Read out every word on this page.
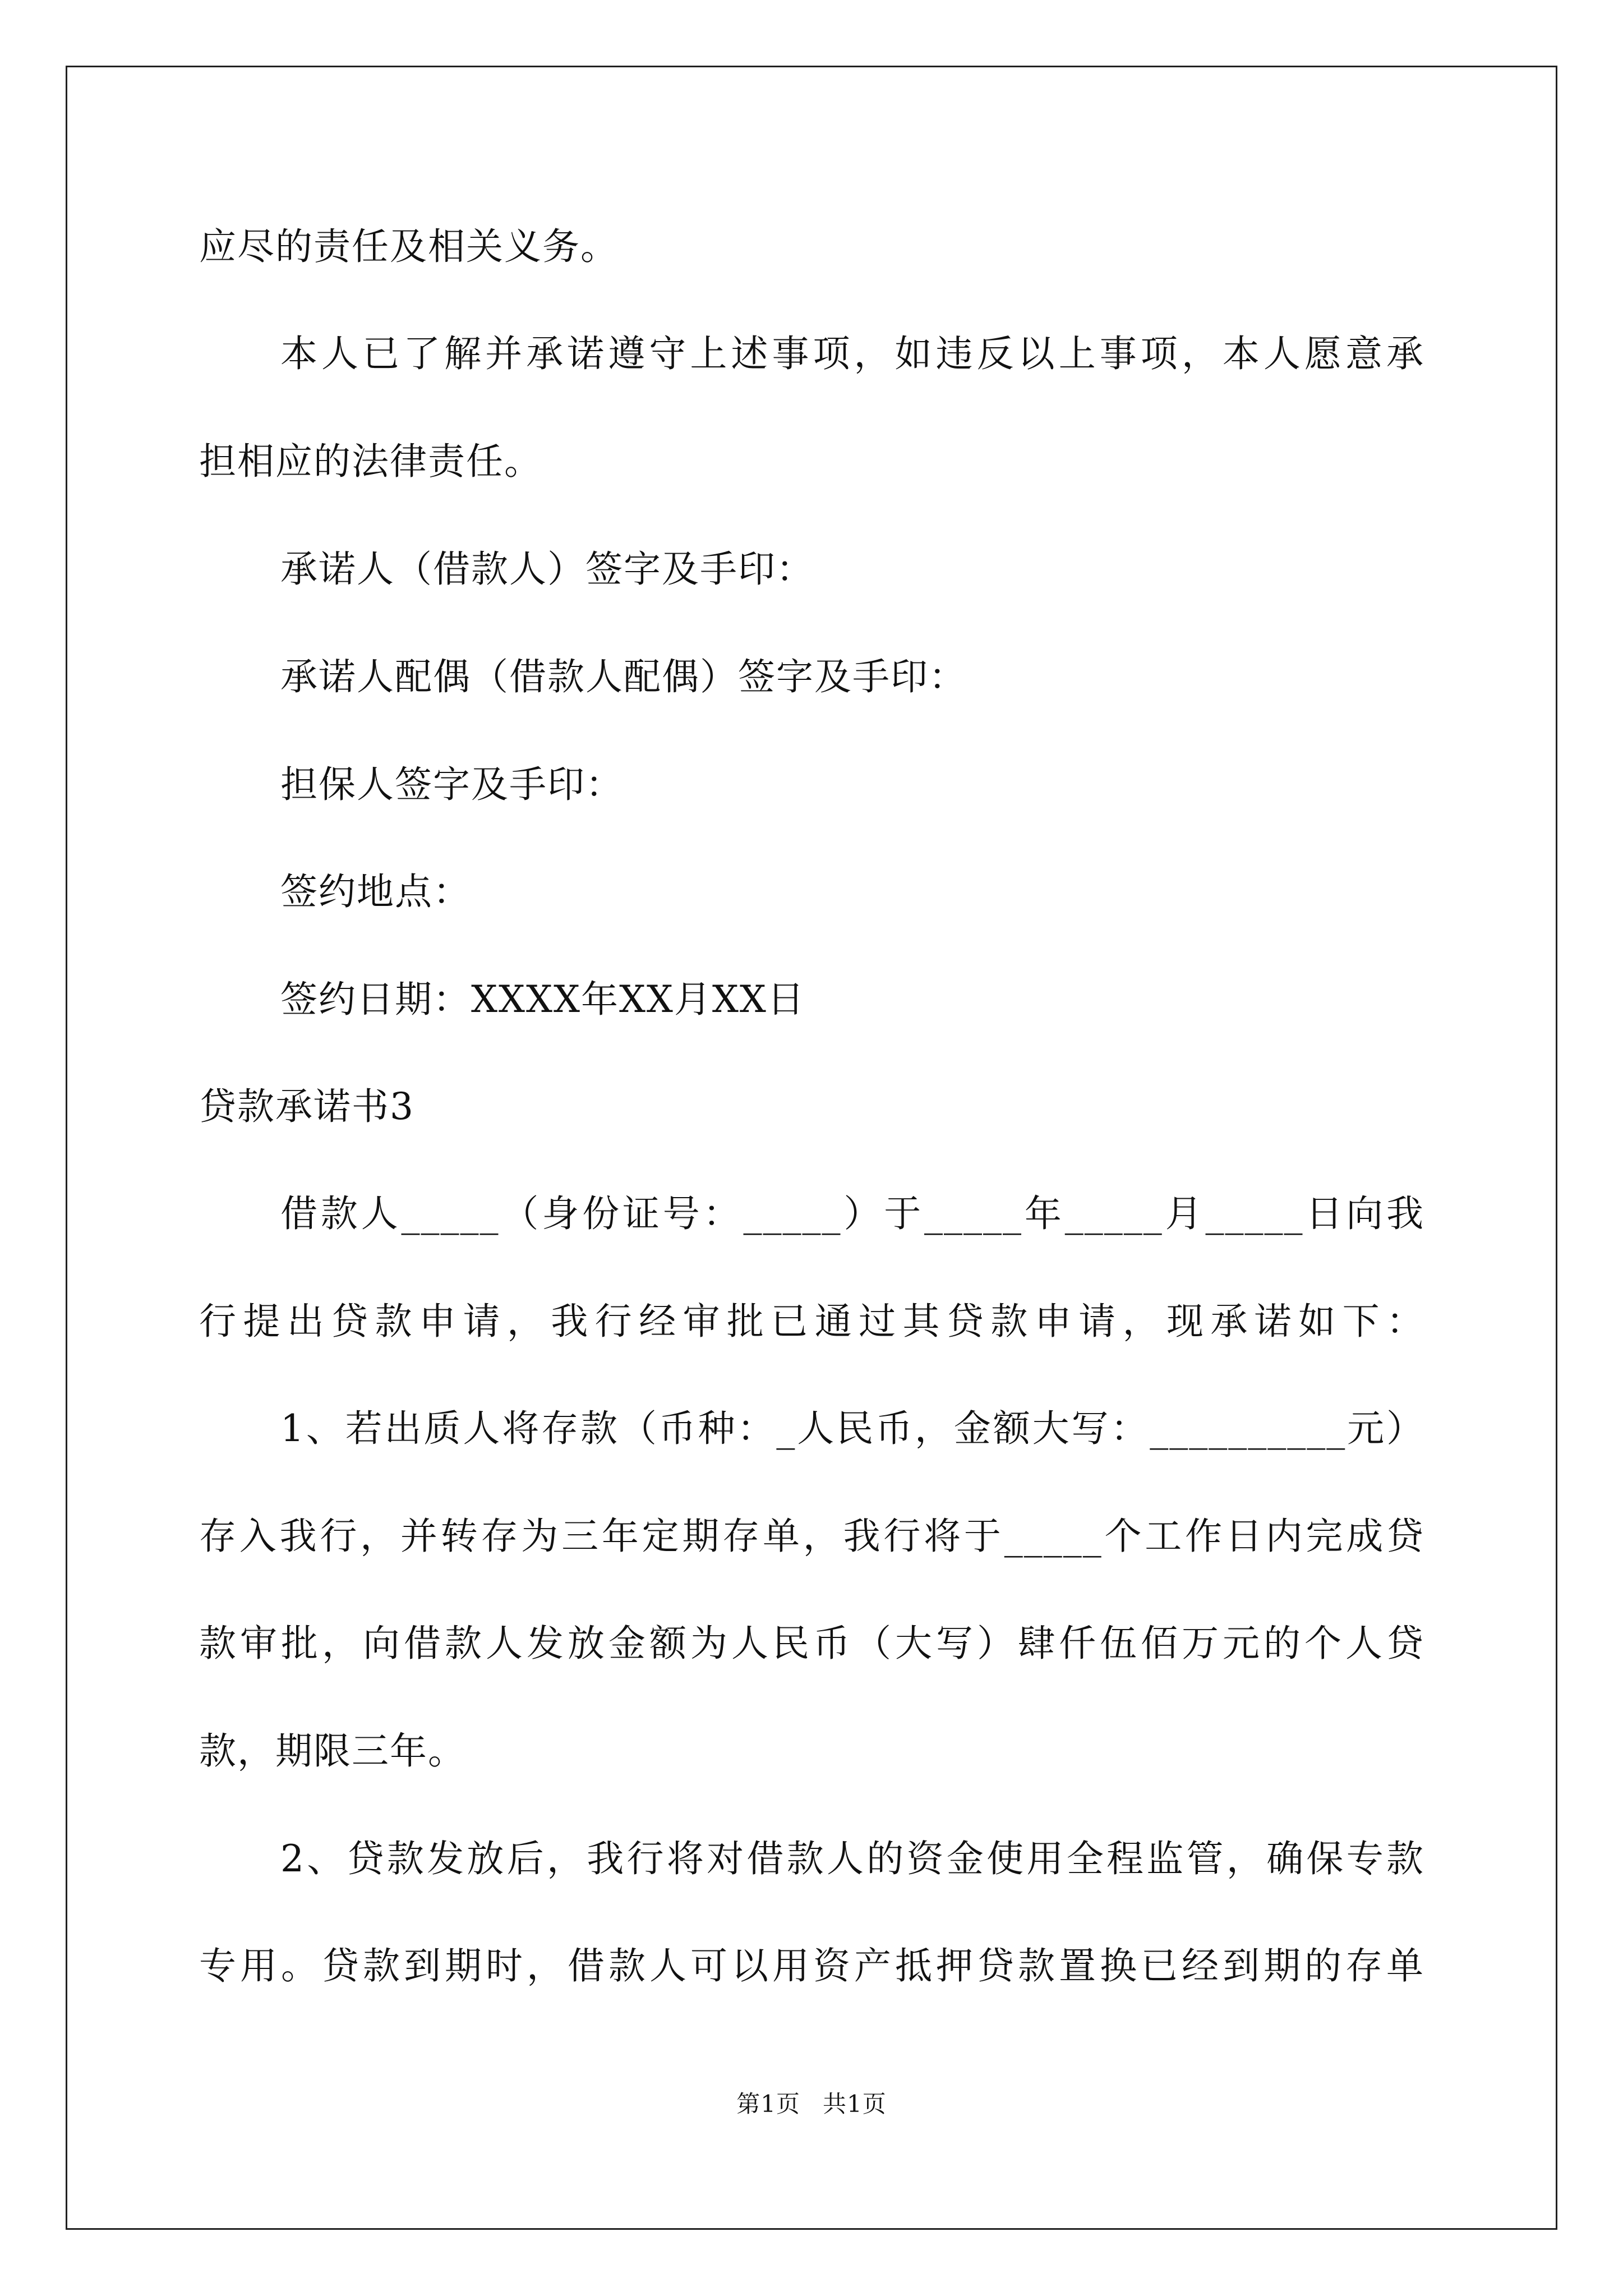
应尽的责任及相关义务。
本人已了解并承诺遵守上述事项，如违反以上事项，本人愿意承
担相应的法律责任。
承诺人（借款人）签字及手印：
承诺人配偶（借款人配偶）签字及手印：
担保人签字及手印：
签约地点：
签约日期：XXXX年XX月XX日
贷款承诺书3
借款人_____（身份证号：_____）于_____年_____月_____日向我
行提出贷款申请，我行经审批已通过其贷款申请，现承诺如下：
1、若出质人将存款（币种：_人民币，金额大写：__________元）
存入我行，并转存为三年定期存单，我行将于_____个工作日内完成贷
款审批，向借款人发放金额为人民币（大写）肆仟伍佰万元的个人贷
款，期限三年。
2、贷款发放后，我行将对借款人的资金使用全程监管，确保专款
专用。贷款到期时，借款人可以用资产抵押贷款置换已经到期的存单
第1页 共1页
